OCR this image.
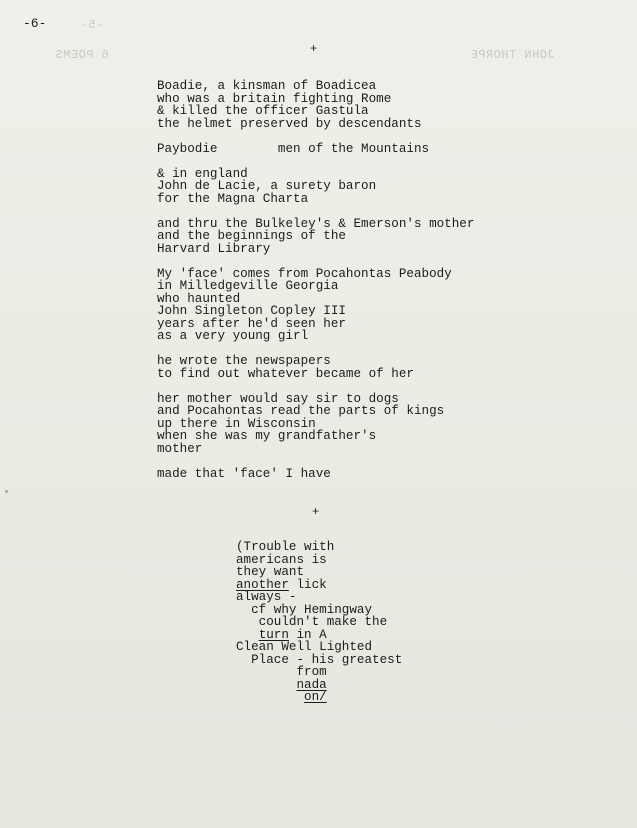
JOHN THORPE
6 POEMS
-5-
-6-
+
Boadie, a kinsman of Boadicea
who was a britain fighting Rome
& killed the officer Gastula
the helmet preserved by descendants
Paybodie        men of the Mountains
& in england
John de Lacie, a surety baron
for the Magna Charta
and thru the Bulkeley's & Emerson's mother
and the beginnings of the
Harvard Library
My 'face' comes from Pocahontas Peabody
in Milledgeville Georgia
who haunted
John Singleton Copley III
years after he'd seen her
as a very young girl
he wrote the newspapers
to find out whatever became of her
her mother would say sir to dogs
and Pocahontas read the parts of kings
up there in Wisconsin
when she was my grandfather's
mother
made that 'face' I have
+
(Trouble with
americans is
they want
another lick
always -
cf why Hemingway
couldn't make the
turn in A
Clean Well Lighted
Place - his greatest
from
nada
on/
